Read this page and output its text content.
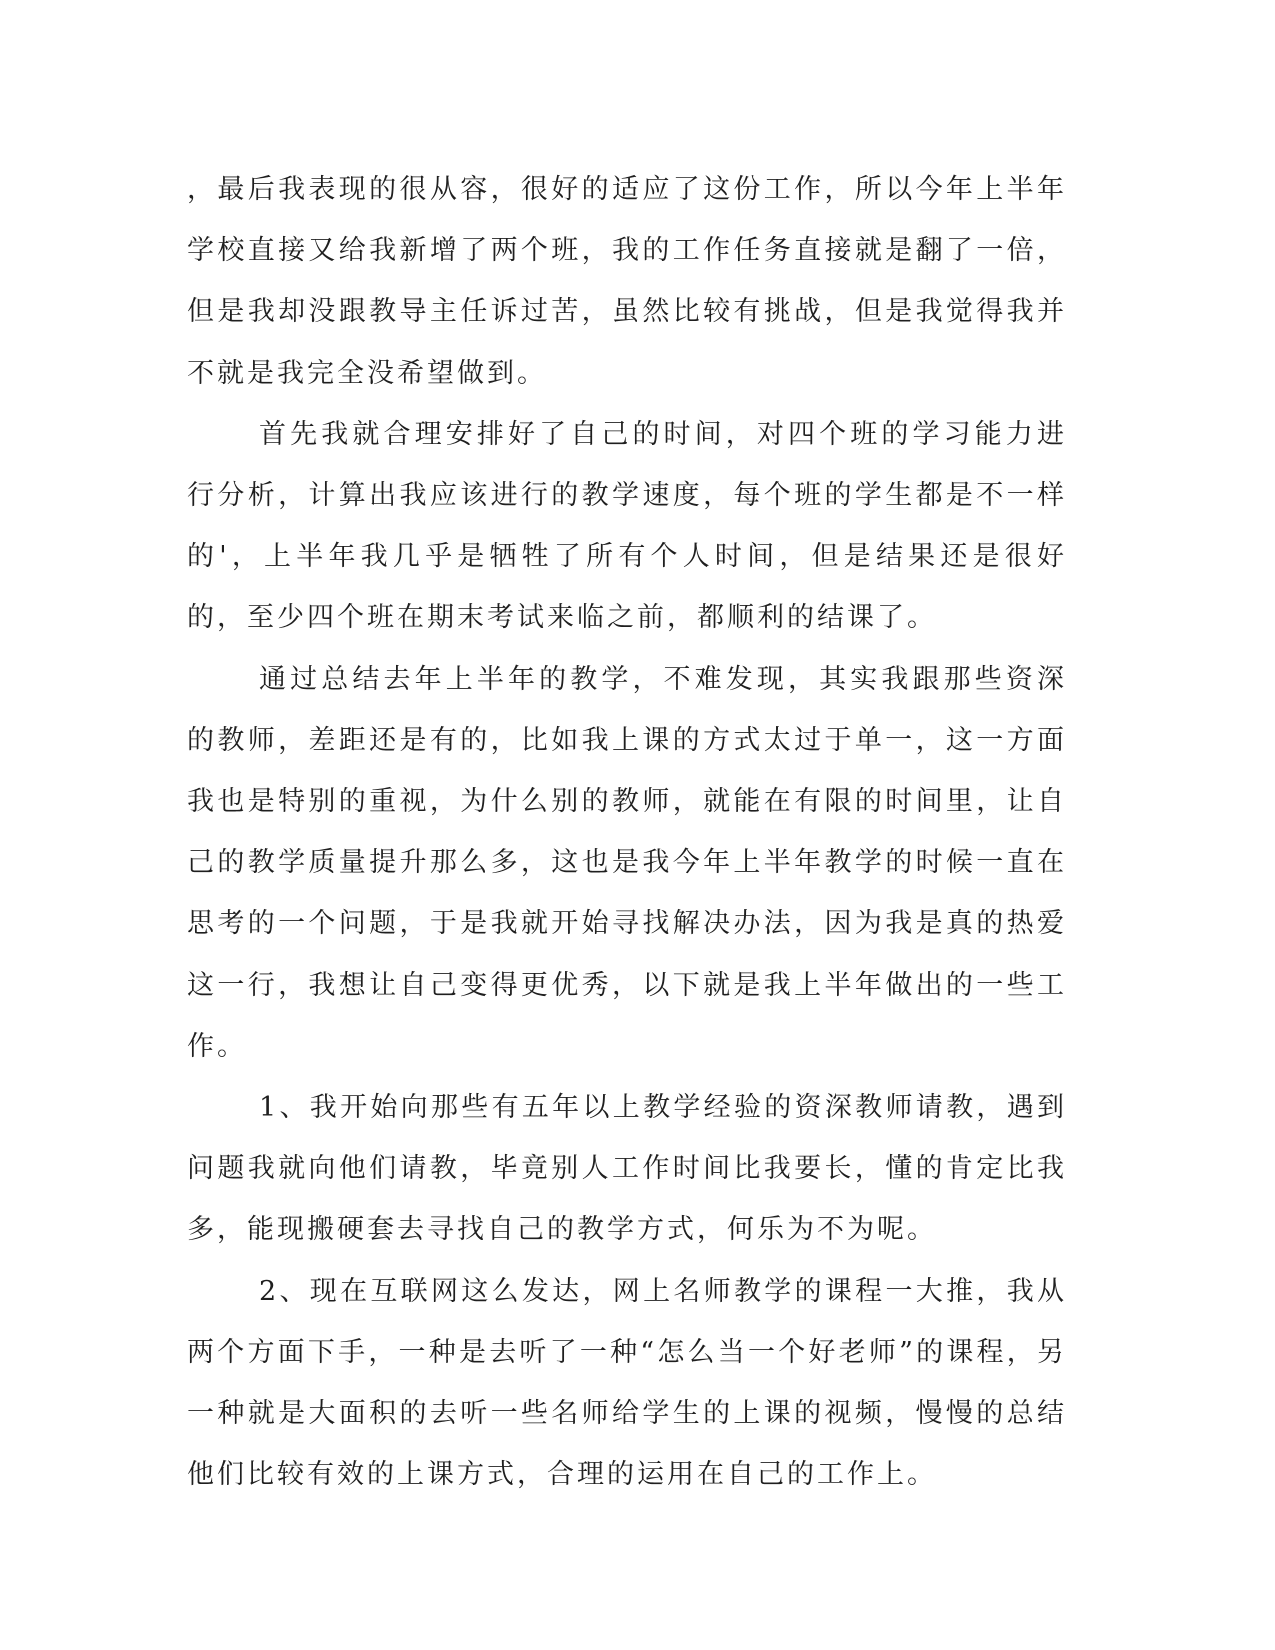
，最后我表现的很从容，很好的适应了这份工作，所以今年上半年学校直接又给我新增了两个班，我的工作任务直接就是翻了一倍，但是我却没跟教导主任诉过苦，虽然比较有挑战，但是我觉得我并不就是我完全没希望做到。

首先我就合理安排好了自己的时间，对四个班的学习能力进行分析，计算出我应该进行的教学速度，每个班的学生都是不一样的'，上半年我几乎是牺牲了所有个人时间，但是结果还是很好的，至少四个班在期末考试来临之前，都顺利的结课了。

通过总结去年上半年的教学，不难发现，其实我跟那些资深的教师，差距还是有的，比如我上课的方式太过于单一，这一方面我也是特别的重视，为什么别的教师，就能在有限的时间里，让自己的教学质量提升那么多，这也是我今年上半年教学的时候一直在思考的一个问题，于是我就开始寻找解决办法，因为我是真的热爱这一行，我想让自己变得更优秀，以下就是我上半年做出的一些工作。

1、我开始向那些有五年以上教学经验的资深教师请教，遇到问题我就向他们请教，毕竟别人工作时间比我要长，懂的肯定比我多，能现搬硬套去寻找自己的教学方式，何乐为不为呢。

2、现在互联网这么发达，网上名师教学的课程一大推，我从两个方面下手，一种是去听了一种“怎么当一个好老师”的课程，另一种就是大面积的去听一些名师给学生的上课的视频，慢慢的总结他们比较有效的上课方式，合理的运用在自己的工作上。
